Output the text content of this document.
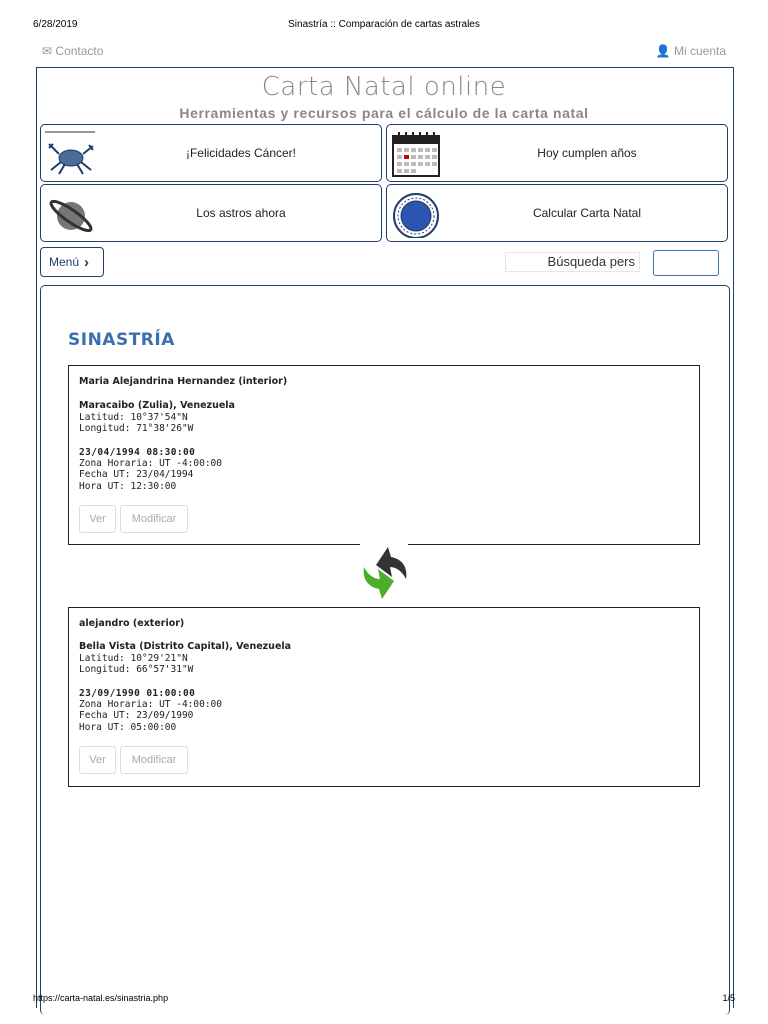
6/28/2019	Sinastría :: Comparación de cartas astrales
✉ Contacto	👤 Mi cuenta
Carta Natal online
Herramientas y recursos para el cálculo de la carta natal
¡Felicidades Cáncer!	Hoy cumplen años
Los astros ahora	Calcular Carta Natal
Menú ›	Búsqueda pers
SINASTRÍA
Maria Alejandrina Hernandez (interior)
Maracaibo (Zulia), Venezuela
Latitud: 10°37'54"N
Longitud: 71°38'26"W
23/04/1994 08:30:00
Zona Horaria: UT -4:00:00
Fecha UT: 23/04/1994
Hora UT: 12:30:00
Ver	Modificar
alejandro (exterior)
Bella Vista (Distrito Capital), Venezuela
Latitud: 10°29'21"N
Longitud: 66°57'31"W
23/09/1990 01:00:00
Zona Horaria: UT -4:00:00
Fecha UT: 23/09/1990
Hora UT: 05:00:00
Ver	Modificar
https://carta-natal.es/sinastria.php	1/5
